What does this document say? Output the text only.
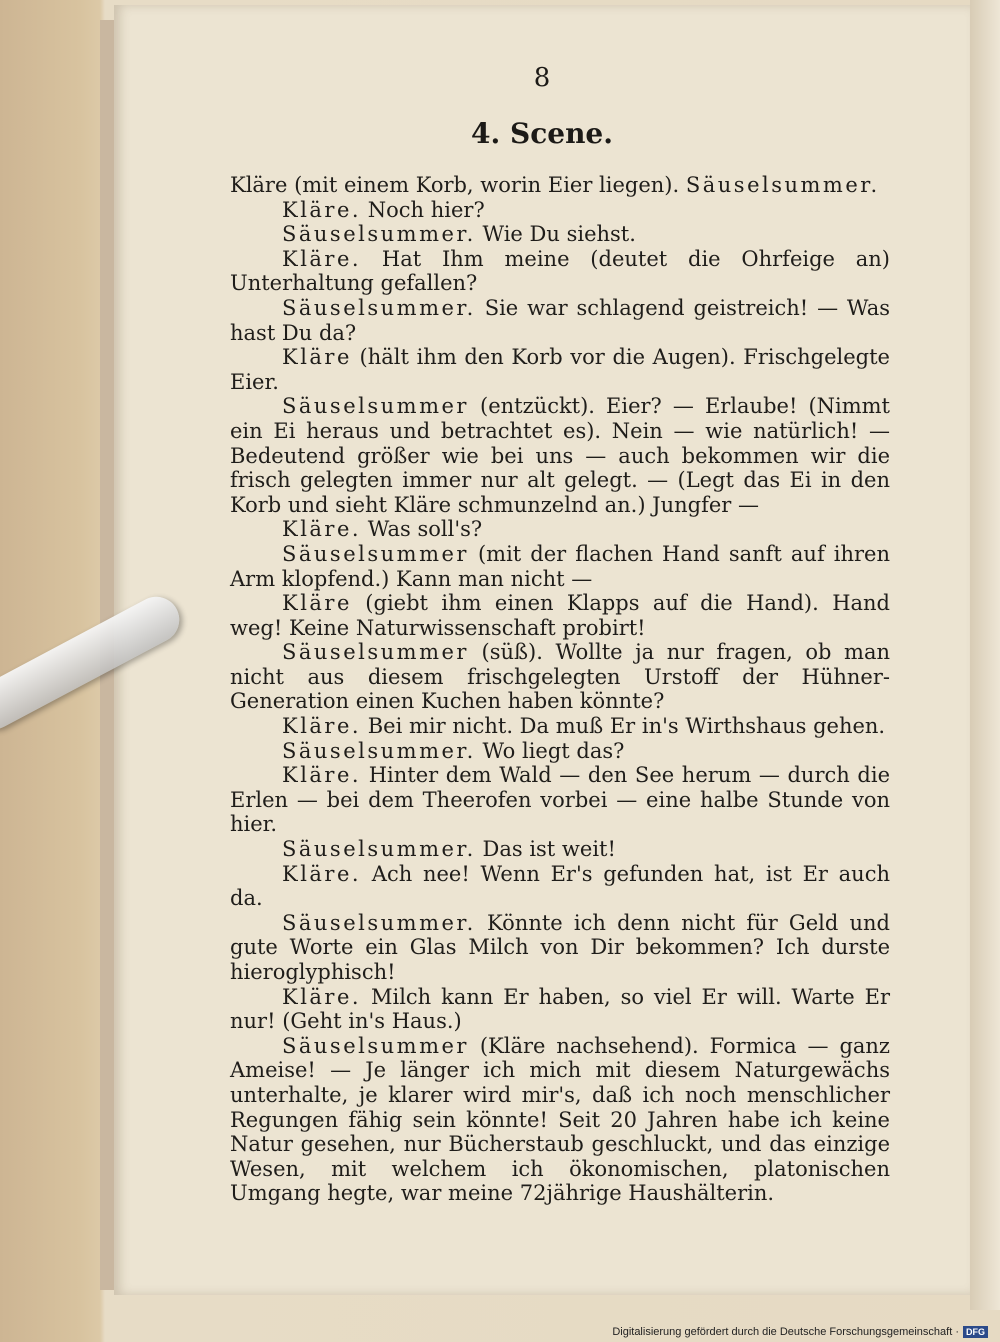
8
4. Scene.

Kläre (mit einem Korb, worin Eier liegen). Säuselsummer.

Kläre. Noch hier?

Säuselsummer. Wie Du siehst.

Kläre. Hat Ihm meine (deutet die Ohrfeige an) Unterhaltung gefallen?

Säuselsummer. Sie war schlagend geistreich! — Was hast Du da?

Kläre (hält ihm den Korb vor die Augen). Frischgelegte Eier.

Säuselsummer (entzückt). Eier? — Erlaube! (Nimmt ein Ei heraus und betrachtet es). Nein — wie natürlich! — Bedeutend größer wie bei uns — auch bekommen wir die frisch gelegten immer nur alt gelegt. — (Legt das Ei in den Korb und sieht Kläre schmunzelnd an.) Jungfer —

Kläre. Was soll's?

Säuselsummer (mit der flachen Hand sanft auf ihren Arm klopfend.) Kann man nicht —

Kläre (giebt ihm einen Klapps auf die Hand). Hand weg! Keine Naturwissenschaft probirt!

Säuselsummer (süß). Wollte ja nur fragen, ob man nicht aus diesem frischgelegten Urstoff der Hühner-Generation einen Kuchen haben könnte?

Kläre. Bei mir nicht. Da muß Er in's Wirthshaus gehen.

Säuselsummer. Wo liegt das?

Kläre. Hinter dem Wald — den See herum — durch die Erlen — bei dem Theerofen vorbei — eine halbe Stunde von hier.

Säuselsummer. Das ist weit!

Kläre. Ach nee! Wenn Er's gefunden hat, ist Er auch da.

Säuselsummer. Könnte ich denn nicht für Geld und gute Worte ein Glas Milch von Dir bekommen? Ich durste hieroglyphisch!

Kläre. Milch kann Er haben, so viel Er will. Warte Er nur! (Geht in's Haus.)

Säuselsummer (Kläre nachsehend). Formica — ganz Ameise! — Je länger ich mich mit diesem Naturgewächs unterhalte, je klarer wird mir's, daß ich noch menschlicher Regungen fähig sein könnte! Seit 20 Jahren habe ich keine Natur gesehen, nur Bücherstaub geschluckt, und das einzige Wesen, mit welchem ich ökonomischen, platonischen Umgang hegte, war meine 72jährige Haushälterin.

Digitalisierung gefördert durch die Deutsche Forschungsgemeinschaft · DFG
